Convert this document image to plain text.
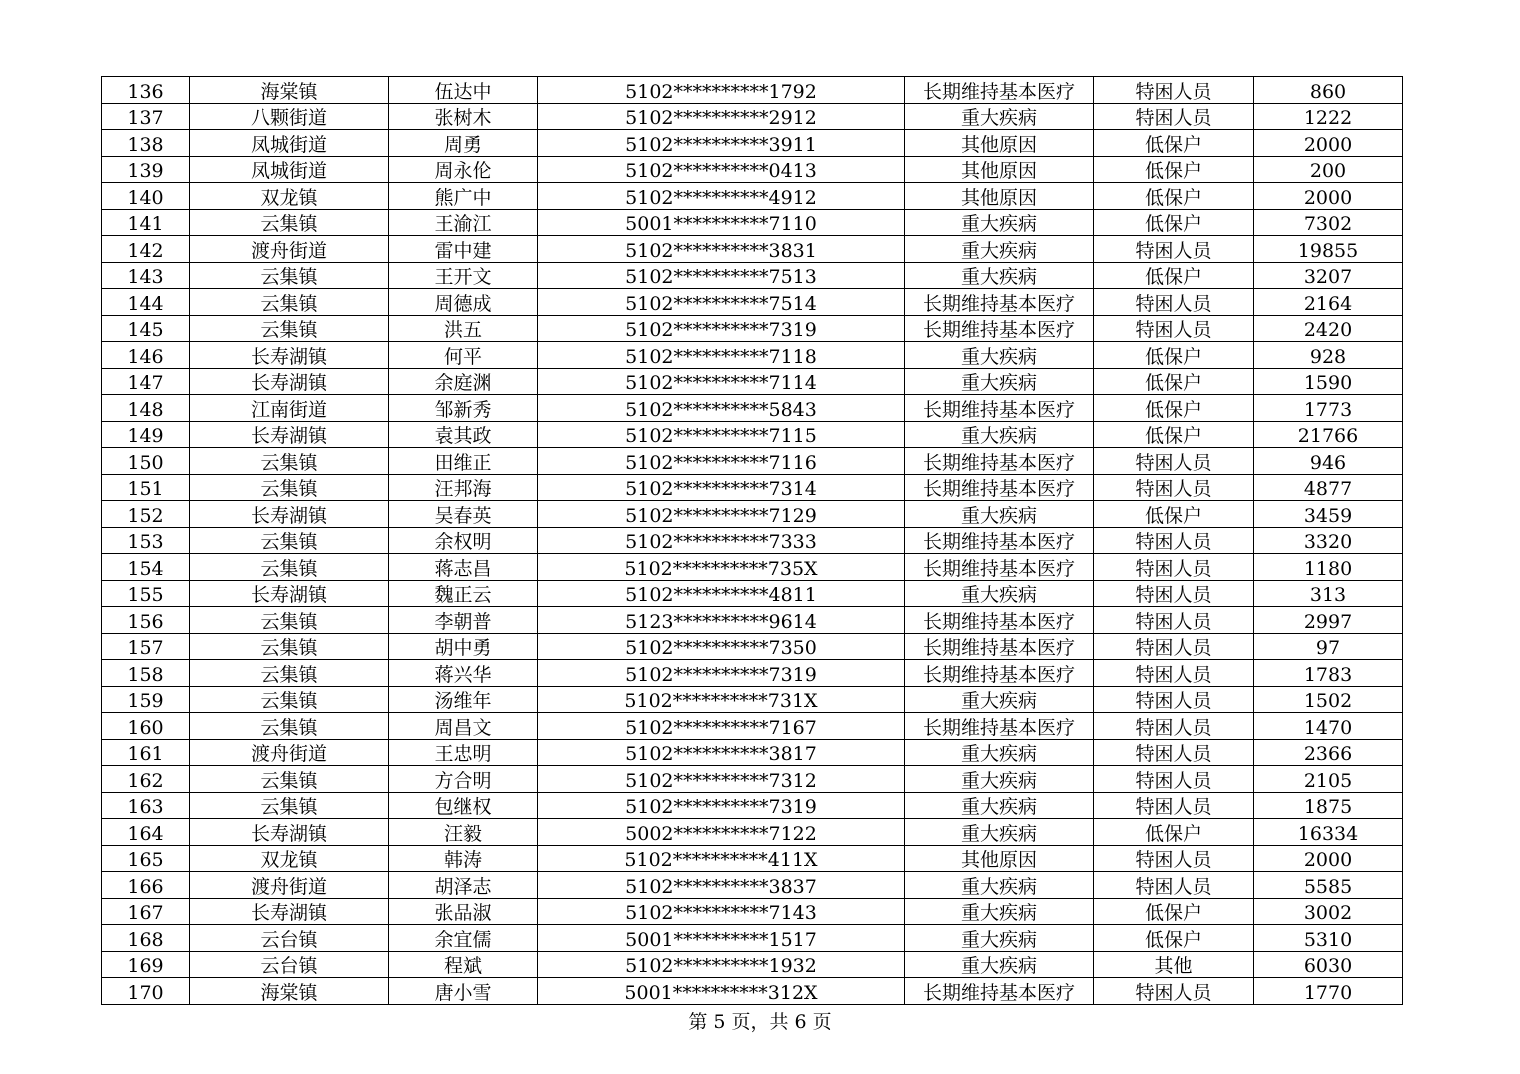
136	海棠镇	伍达中	5102**********1792	长期维持基本医疗	特困人员	860
137	八颗街道	张树木	5102**********2912	重大疾病	特困人员	1222
138	凤城街道	周勇	5102**********3911	其他原因	低保户	2000
139	凤城街道	周永伦	5102**********0413	其他原因	低保户	200
140	双龙镇	熊广中	5102**********4912	其他原因	低保户	2000
141	云集镇	王渝江	5001**********7110	重大疾病	低保户	7302
142	渡舟街道	雷中建	5102**********3831	重大疾病	特困人员	19855
143	云集镇	王开文	5102**********7513	重大疾病	低保户	3207
144	云集镇	周德成	5102**********7514	长期维持基本医疗	特困人员	2164
145	云集镇	洪五	5102**********7319	长期维持基本医疗	特困人员	2420
146	长寿湖镇	何平	5102**********7118	重大疾病	低保户	928
147	长寿湖镇	余庭渊	5102**********7114	重大疾病	低保户	1590
148	江南街道	邹新秀	5102**********5843	长期维持基本医疗	低保户	1773
149	长寿湖镇	袁其政	5102**********7115	重大疾病	低保户	21766
150	云集镇	田维正	5102**********7116	长期维持基本医疗	特困人员	946
151	云集镇	汪邦海	5102**********7314	长期维持基本医疗	特困人员	4877
152	长寿湖镇	吴春英	5102**********7129	重大疾病	低保户	3459
153	云集镇	余权明	5102**********7333	长期维持基本医疗	特困人员	3320
154	云集镇	蒋志昌	5102**********735X	长期维持基本医疗	特困人员	1180
155	长寿湖镇	魏正云	5102**********4811	重大疾病	特困人员	313
156	云集镇	李朝普	5123**********9614	长期维持基本医疗	特困人员	2997
157	云集镇	胡中勇	5102**********7350	长期维持基本医疗	特困人员	97
158	云集镇	蒋兴华	5102**********7319	长期维持基本医疗	特困人员	1783
159	云集镇	汤维年	5102**********731X	重大疾病	特困人员	1502
160	云集镇	周昌文	5102**********7167	长期维持基本医疗	特困人员	1470
161	渡舟街道	王忠明	5102**********3817	重大疾病	特困人员	2366
162	云集镇	方合明	5102**********7312	重大疾病	特困人员	2105
163	云集镇	包继权	5102**********7319	重大疾病	特困人员	1875
164	长寿湖镇	汪毅	5002**********7122	重大疾病	低保户	16334
165	双龙镇	韩涛	5102**********411X	其他原因	特困人员	2000
166	渡舟街道	胡泽志	5102**********3837	重大疾病	特困人员	5585
167	长寿湖镇	张品淑	5102**********7143	重大疾病	低保户	3002
168	云台镇	余宜儒	5001**********1517	重大疾病	低保户	5310
169	云台镇	程斌	5102**********1932	重大疾病	其他	6030
170	海棠镇	唐小雪	5001**********312X	长期维持基本医疗	特困人员	1770
第 5 页，共 6 页
